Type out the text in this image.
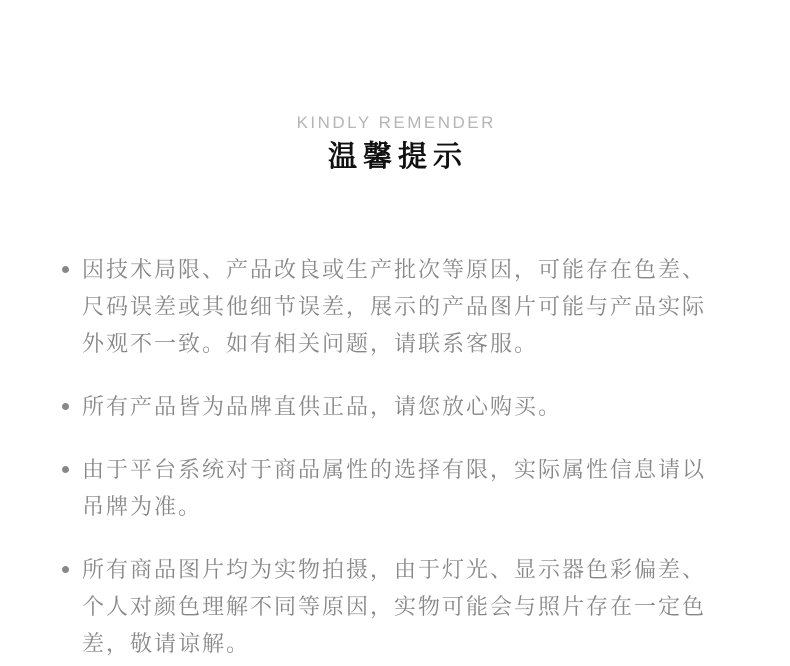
KINDLY REMENDER
温馨提示
因技术局限、产品改良或生产批次等原因，可能存在色差、
尺码误差或其他细节误差，展示的产品图片可能与产品实际
外观不一致。如有相关问题，请联系客服。
所有产品皆为品牌直供正品，请您放心购买。
由于平台系统对于商品属性的选择有限，实际属性信息请以
吊牌为准。
所有商品图片均为实物拍摄，由于灯光、显示器色彩偏差、
个人对颜色理解不同等原因，实物可能会与照片存在一定色
差，敬请谅解。
